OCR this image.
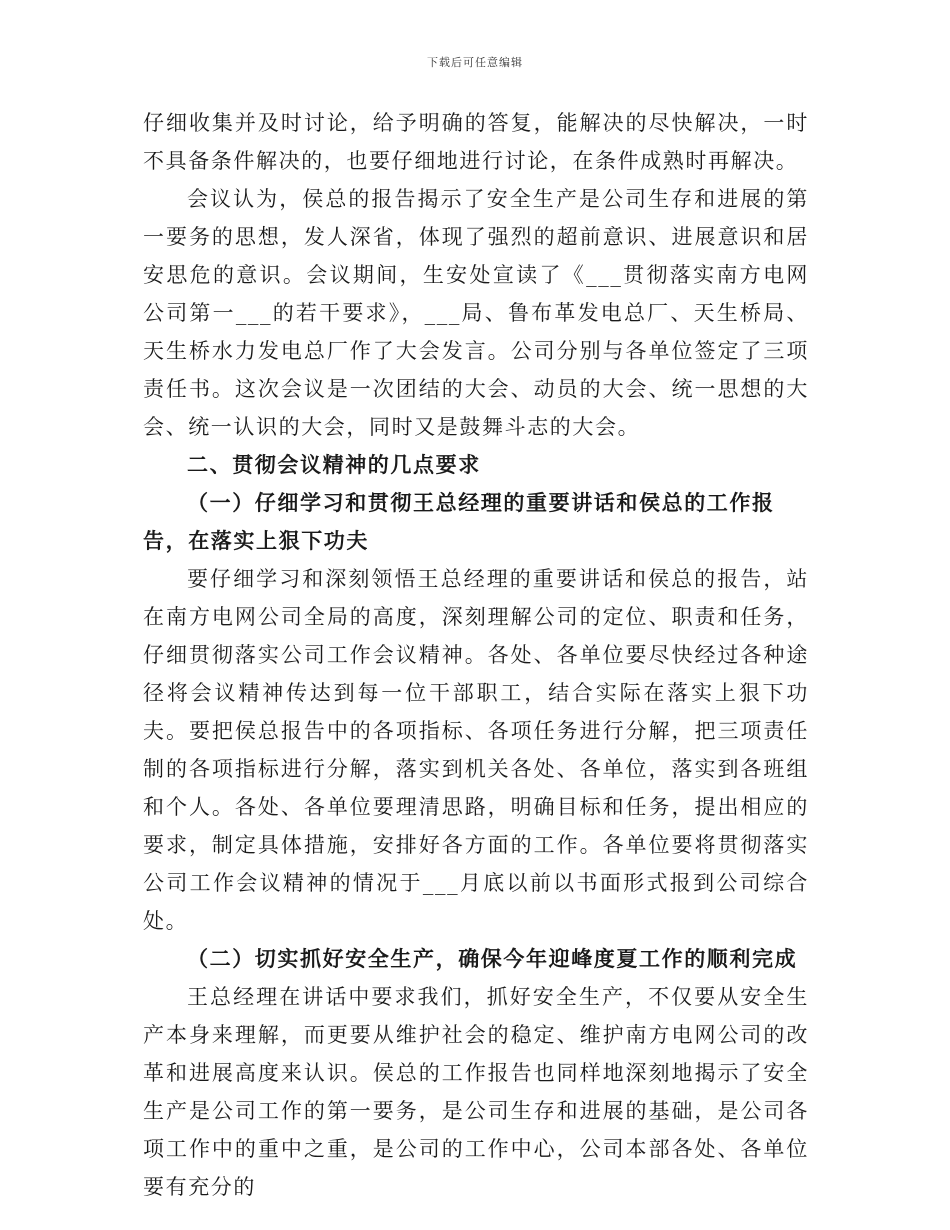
下载后可任意编辑

仔细收集并及时讨论，给予明确的答复，能解决的尽快解决，一时不具备条件解决的，也要仔细地进行讨论，在条件成熟时再解决。

会议认为，侯总的报告揭示了安全生产是公司生存和进展的第一要务的思想，发人深省，体现了强烈的超前意识、进展意识和居安思危的意识。会议期间，生安处宣读了《___贯彻落实南方电网公司第一___的若干要求》，___局、鲁布革发电总厂、天生桥局、天生桥水力发电总厂作了大会发言。公司分别与各单位签定了三项责任书。这次会议是一次团结的大会、动员的大会、统一思想的大会、统一认识的大会，同时又是鼓舞斗志的大会。

二、贯彻会议精神的几点要求

（一）仔细学习和贯彻王总经理的重要讲话和侯总的工作报告，在落实上狠下功夫

要仔细学习和深刻领悟王总经理的重要讲话和侯总的报告，站在南方电网公司全局的高度，深刻理解公司的定位、职责和任务，仔细贯彻落实公司工作会议精神。各处、各单位要尽快经过各种途径将会议精神传达到每一位干部职工，结合实际在落实上狠下功夫。要把侯总报告中的各项指标、各项任务进行分解，把三项责任制的各项指标进行分解，落实到机关各处、各单位，落实到各班组和个人。各处、各单位要理清思路，明确目标和任务，提出相应的要求，制定具体措施，安排好各方面的工作。各单位要将贯彻落实公司工作会议精神的情况于___月底以前以书面形式报到公司综合处。

（二）切实抓好安全生产，确保今年迎峰度夏工作的顺利完成

王总经理在讲话中要求我们，抓好安全生产，不仅要从安全生产本身来理解，而更要从维护社会的稳定、维护南方电网公司的改革和进展高度来认识。侯总的工作报告也同样地深刻地揭示了安全生产是公司工作的第一要务，是公司生存和进展的基础，是公司各项工作中的重中之重，是公司的工作中心，公司本部各处、各单位要有充分的
